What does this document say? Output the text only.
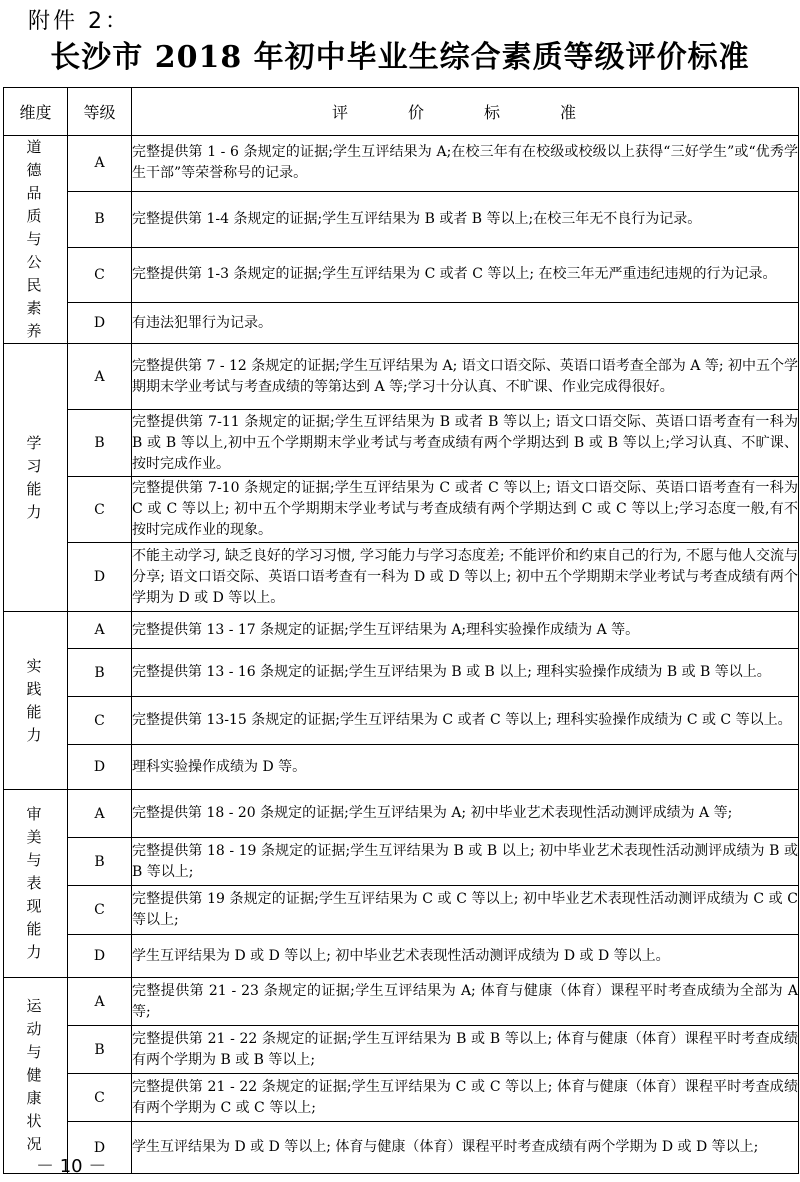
附件 2：
长沙市 2018 年初中毕业生综合素质等级评价标准
维度	等级	评　价　标　准
道德品质与公民素养	A	完整提供第 1 - 6 条规定的证据;学生互评结果为 A;在校三年有在校级或校级以上获得“三好学生”或“优秀学生干部”等荣誉称号的记录。
	B	完整提供第 1-4 条规定的证据;学生互评结果为 B 或者 B 等以上;在校三年无不良行为记录。
	C	完整提供第 1-3 条规定的证据;学生互评结果为 C 或者 C 等以上; 在校三年无严重违纪违规的行为记录。
	D	有违法犯罪行为记录。
学习能力	A	完整提供第 7 - 12 条规定的证据;学生互评结果为 A; 语文口语交际、英语口语考查全部为 A 等; 初中五个学期期末学业考试与考查成绩的等第达到 A 等;学习十分认真、不旷课、作业完成得很好。
	B	完整提供第 7-11 条规定的证据;学生互评结果为 B 或者 B 等以上; 语文口语交际、英语口语考查有一科为 B 或 B 等以上,初中五个学期期末学业考试与考查成绩有两个学期达到 B 或 B 等以上;学习认真、不旷课、按时完成作业。
	C	完整提供第 7-10 条规定的证据;学生互评结果为 C 或者 C 等以上; 语文口语交际、英语口语考查有一科为 C 或 C 等以上; 初中五个学期期末学业考试与考查成绩有两个学期达到 C 或 C 等以上;学习态度一般,有不按时完成作业的现象。
	D	不能主动学习, 缺乏良好的学习习惯, 学习能力与学习态度差; 不能评价和约束自己的行为, 不愿与他人交流与分享; 语文口语交际、英语口语考查有一科为 D 或 D 等以上; 初中五个学期期末学业考试与考查成绩有两个学期为 D 或 D 等以上。
实践能力	A	完整提供第 13 - 17 条规定的证据;学生互评结果为 A;理科实验操作成绩为 A 等。
	B	完整提供第 13 - 16 条规定的证据;学生互评结果为 B 或 B 以上; 理科实验操作成绩为 B 或 B 等以上。
	C	完整提供第 13-15 条规定的证据;学生互评结果为 C 或者 C 等以上; 理科实验操作成绩为 C 或 C 等以上。
	D	理科实验操作成绩为 D 等。
审美与表现能力	A	完整提供第 18 - 20 条规定的证据;学生互评结果为 A; 初中毕业艺术表现性活动测评成绩为 A 等;
	B	完整提供第 18 - 19 条规定的证据;学生互评结果为 B 或 B 以上; 初中毕业艺术表现性活动测评成绩为 B 或 B 等以上;
	C	完整提供第 19 条规定的证据;学生互评结果为 C 或 C 等以上; 初中毕业艺术表现性活动测评成绩为 C 或 C 等以上;
	D	学生互评结果为 D 或 D 等以上; 初中毕业艺术表现性活动测评成绩为 D 或 D 等以上。
运动与健康状况	A	完整提供第 21 - 23 条规定的证据;学生互评结果为 A; 体育与健康（体育）课程平时考查成绩为全部为 A 等;
	B	完整提供第 21 - 22 条规定的证据;学生互评结果为 B 或 B 等以上; 体育与健康（体育）课程平时考查成绩有两个学期为 B 或 B 等以上;
	C	完整提供第 21 - 22 条规定的证据;学生互评结果为 C 或 C 等以上; 体育与健康（体育）课程平时考查成绩有两个学期为 C 或 C 等以上;
	D	学生互评结果为 D 或 D 等以上; 体育与健康（体育）课程平时考查成绩有两个学期为 D 或 D 等以上;
－ 10 －
